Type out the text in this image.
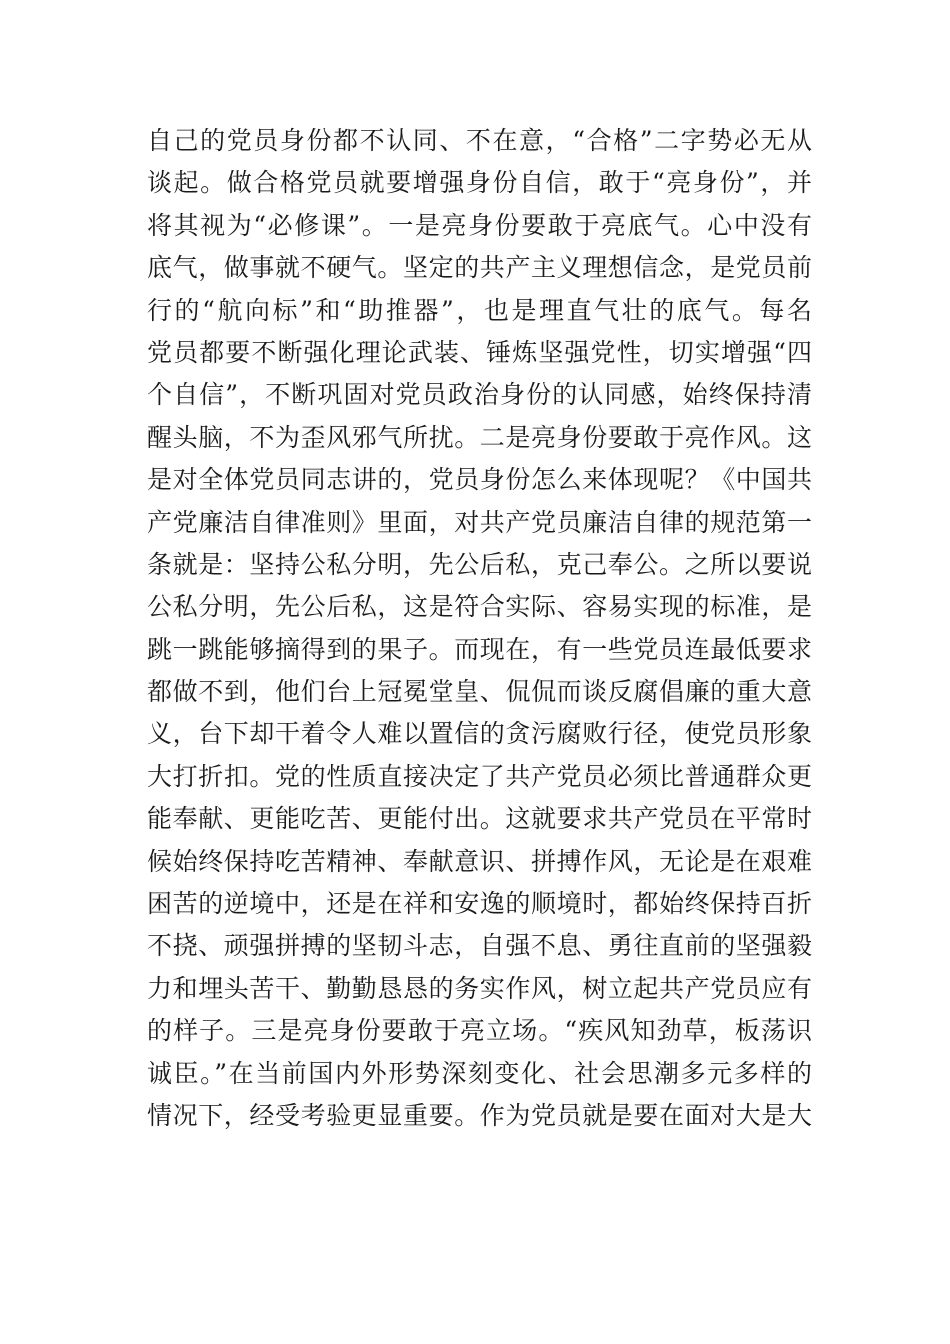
自己的党员身份都不认同、不在意，“合格”二字势必无从
谈起。做合格党员就要增强身份自信，敢于“亮身份”，并
将其视为“必修课”。一是亮身份要敢于亮底气。心中没有
底气，做事就不硬气。坚定的共产主义理想信念，是党员前
行的“航向标”和“助推器”，也是理直气壮的底气。每名
党员都要不断强化理论武装、锤炼坚强党性，切实增强“四
个自信”，不断巩固对党员政治身份的认同感，始终保持清
醒头脑，不为歪风邪气所扰。二是亮身份要敢于亮作风。这
是对全体党员同志讲的，党员身份怎么来体现呢？《中国共
产党廉洁自律准则》里面，对共产党员廉洁自律的规范第一
条就是：坚持公私分明，先公后私，克己奉公。之所以要说
公私分明，先公后私，这是符合实际、容易实现的标准，是
跳一跳能够摘得到的果子。而现在，有一些党员连最低要求
都做不到，他们台上冠冕堂皇、侃侃而谈反腐倡廉的重大意
义，台下却干着令人难以置信的贪污腐败行径，使党员形象
大打折扣。党的性质直接决定了共产党员必须比普通群众更
能奉献、更能吃苦、更能付出。这就要求共产党员在平常时
候始终保持吃苦精神、奉献意识、拼搏作风，无论是在艰难
困苦的逆境中，还是在祥和安逸的顺境时，都始终保持百折
不挠、顽强拼搏的坚韧斗志，自强不息、勇往直前的坚强毅
力和埋头苦干、勤勤恳恳的务实作风，树立起共产党员应有
的样子。三是亮身份要敢于亮立场。“疾风知劲草，板荡识
诚臣。”在当前国内外形势深刻变化、社会思潮多元多样的
情况下，经受考验更显重要。作为党员就是要在面对大是大
